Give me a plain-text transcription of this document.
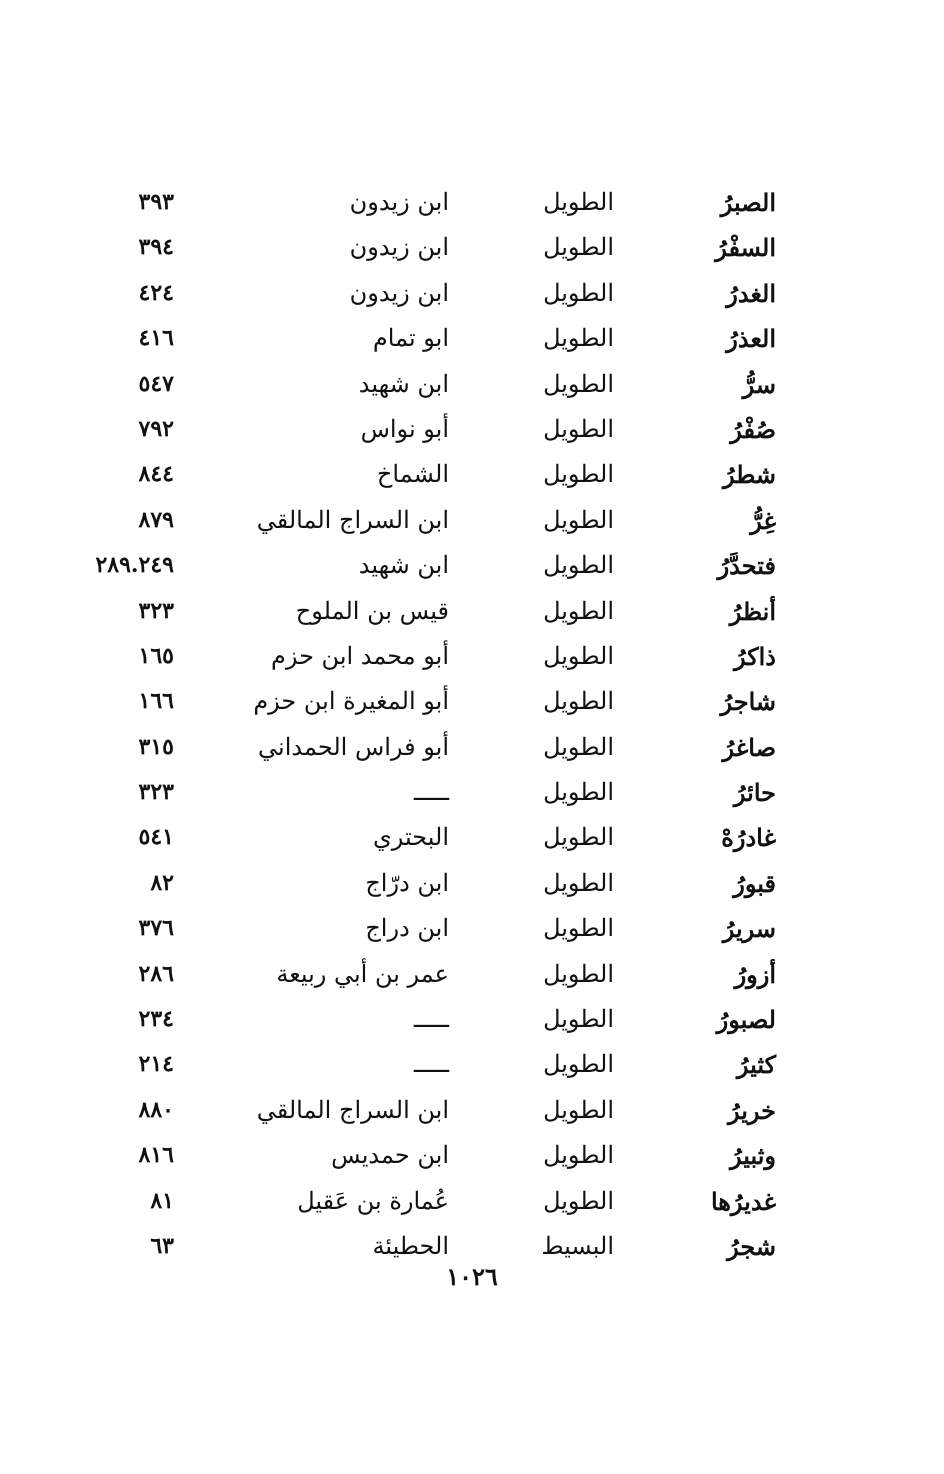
الصبرُ
الطويل
ابن زيدون
٣٩٣
السفْرُ
الطويل
ابن زيدون
٣٩٤
الغدرُ
الطويل
ابن زيدون
٤٢٤
العذرُ
الطويل
ابو تمام
٤١٦
سرُّ
الطويل
ابن شهيد
٥٤٧
صُفْرُ
الطويل
أبو نواس
٧٩٢
شطرُ
الطويل
الشماخ
٨٤٤
غِرُّ
الطويل
ابن السراج المالقي
٨٧٩
فتحدَّرُ
الطويل
ابن شهيد
٢٨٩.٢٤٩
أنظرُ
الطويل
قيس بن الملوح
٣٢٣
ذاكرُ
الطويل
أبو محمد ابن حزم
١٦٥
شاجرُ
الطويل
أبو المغيرة ابن حزم
١٦٦
صاغرُ
الطويل
أبو فراس الحمداني
٣١٥
حائرُ
الطويل
ـــــ
٣٢٣
غادرُهْ
الطويل
البحتري
٥٤١
قبورُ
الطويل
ابن درّاج
٨٢
سريرُ
الطويل
ابن دراج
٣٧٦
أزورُ
الطويل
عمر بن أبي ربيعة
٢٨٦
لصبورُ
الطويل
ـــــ
٢٣٤
كثيرُ
الطويل
ـــــ
٢١٤
خريرُ
الطويل
ابن السراج المالقي
٨٨٠
وثبيرُ
الطويل
ابن حمديس
٨١٦
غديرُها
الطويل
عُمارة بن عَقيل
٨١
شجرُ
البسيط
الحطيئة
٦٣
١٠٢٦
